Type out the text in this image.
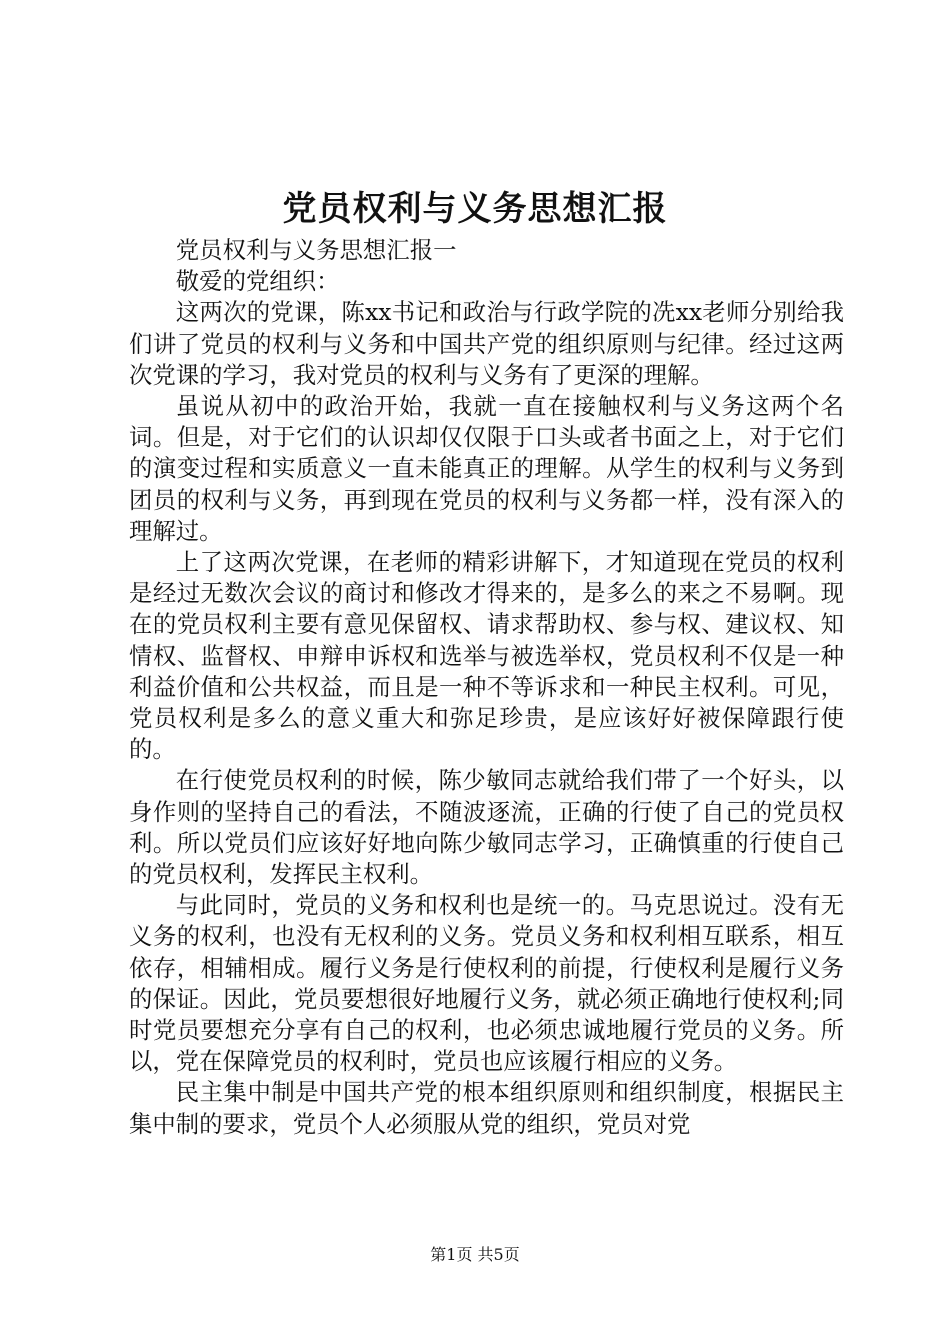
党员权利与义务思想汇报

党员权利与义务思想汇报一

敬爱的党组织：

这两次的党课，陈xx书记和政治与行政学院的冼xx老师分别给我们讲了党员的权利与义务和中国共产党的组织原则与纪律。经过这两次党课的学习，我对党员的权利与义务有了更深的理解。

虽说从初中的政治开始，我就一直在接触权利与义务这两个名词。但是，对于它们的认识却仅仅限于口头或者书面之上，对于它们的演变过程和实质意义一直未能真正的理解。从学生的权利与义务到团员的权利与义务，再到现在党员的权利与义务都一样，没有深入的理解过。

上了这两次党课，在老师的精彩讲解下，才知道现在党员的权利是经过无数次会议的商讨和修改才得来的，是多么的来之不易啊。现在的党员权利主要有意见保留权、请求帮助权、参与权、建议权、知情权、监督权、申辩申诉权和选举与被选举权，党员权利不仅是一种利益价值和公共权益，而且是一种不等诉求和一种民主权利。可见，党员权利是多么的意义重大和弥足珍贵，是应该好好被保障跟行使的。

在行使党员权利的时候，陈少敏同志就给我们带了一个好头，以身作则的坚持自己的看法，不随波逐流，正确的行使了自己的党员权利。所以党员们应该好好地向陈少敏同志学习，正确慎重的行使自己的党员权利，发挥民主权利。

与此同时，党员的义务和权利也是统一的。马克思说过。没有无义务的权利，也没有无权利的义务。党员义务和权利相互联系，相互依存，相辅相成。履行义务是行使权利的前提，行使权利是履行义务的保证。因此，党员要想很好地履行义务，就必须正确地行使权利;同时党员要想充分享有自己的权利，也必须忠诚地履行党员的义务。所以，党在保障党员的权利时，党员也应该履行相应的义务。

民主集中制是中国共产党的根本组织原则和组织制度，根据民主集中制的要求，党员个人必须服从党的组织，党员对党

第1页 共5页
